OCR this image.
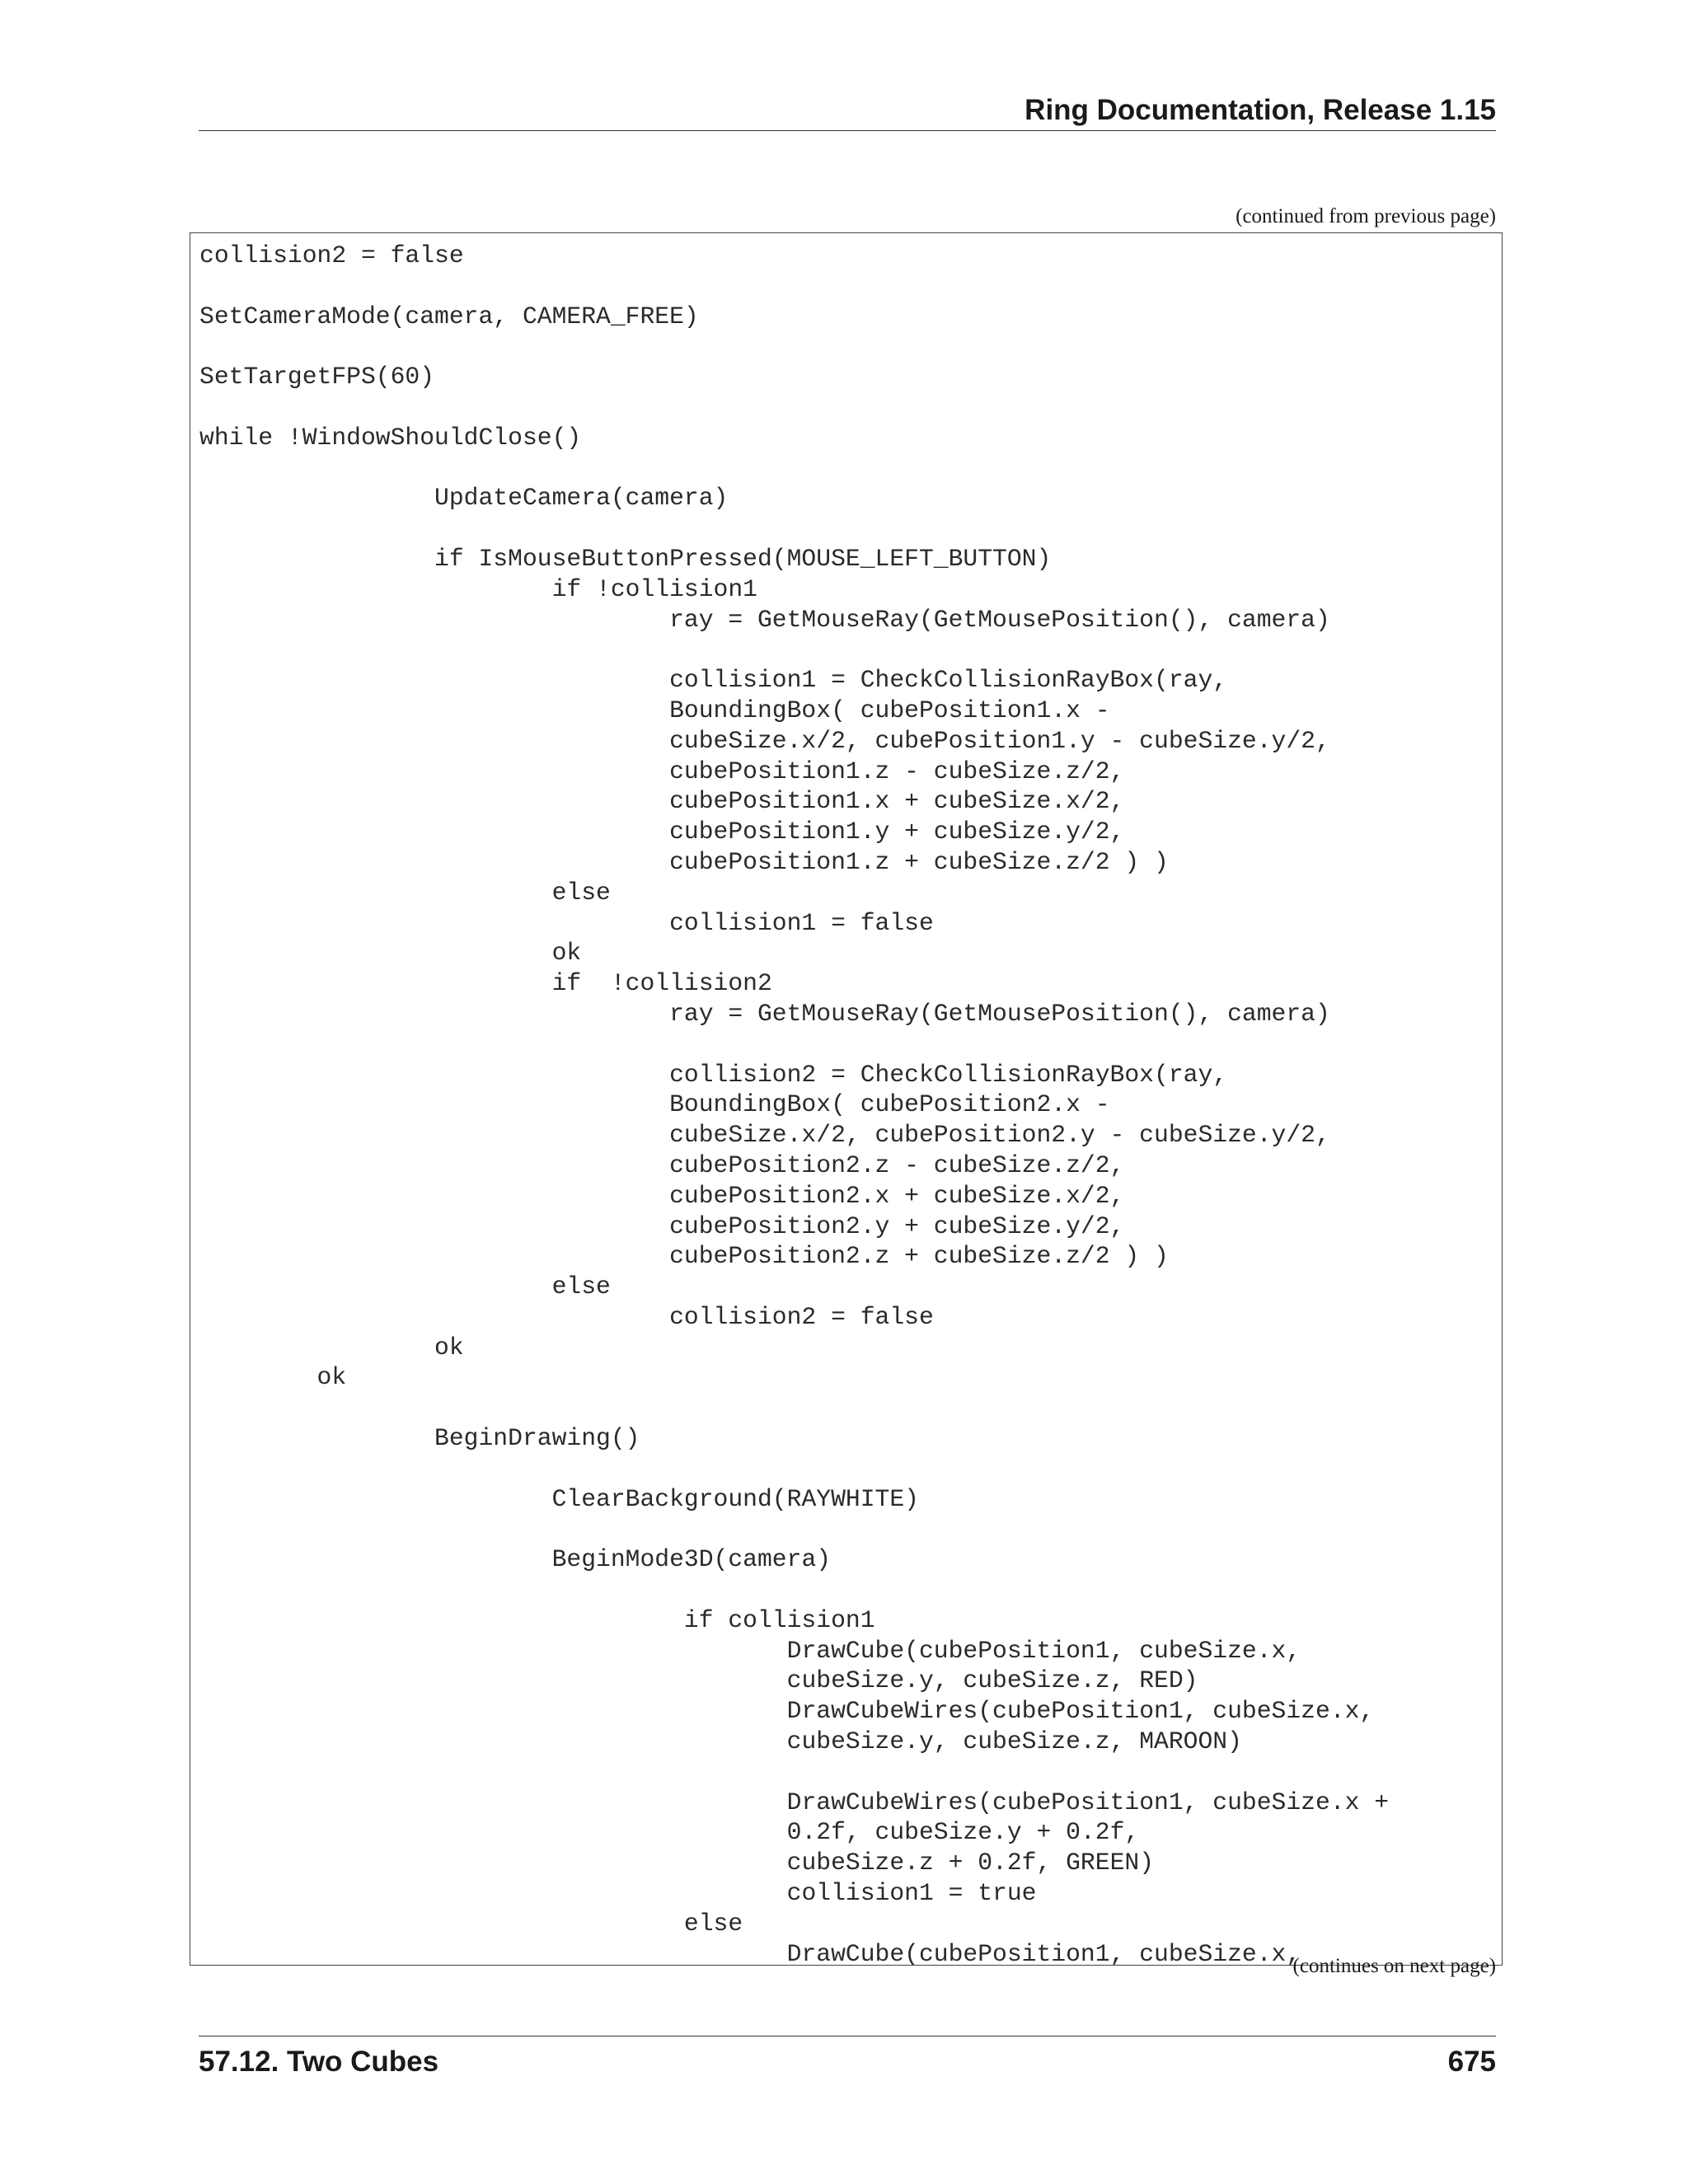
Ring Documentation, Release 1.15
(continued from previous page)
collision2 = false

SetCameraMode(camera, CAMERA_FREE)

SetTargetFPS(60)

while !WindowShouldClose()

		UpdateCamera(camera)

		if IsMouseButtonPressed(MOUSE_LEFT_BUTTON)
			if !collision1
				ray = GetMouseRay(GetMousePosition(), camera)

				collision1 = CheckCollisionRayBox(ray,
				BoundingBox( cubePosition1.x -
				cubeSize.x/2, cubePosition1.y - cubeSize.y/2,
				cubePosition1.z - cubeSize.z/2,
				cubePosition1.x + cubeSize.x/2,
				cubePosition1.y + cubeSize.y/2,
				cubePosition1.z + cubeSize.z/2 ) )
			else
				collision1 = false
			ok
			if  !collision2
				ray = GetMouseRay(GetMousePosition(), camera)

				collision2 = CheckCollisionRayBox(ray,
				BoundingBox( cubePosition2.x -
				cubeSize.x/2, cubePosition2.y - cubeSize.y/2,
				cubePosition2.z - cubeSize.z/2,
				cubePosition2.x + cubeSize.x/2,
				cubePosition2.y + cubeSize.y/2,
				cubePosition2.z + cubeSize.z/2 ) )
			else
				collision2 = false
		ok
	ok

		BeginDrawing()

			ClearBackground(RAYWHITE)

			BeginMode3D(camera)

				if collision1
					DrawCube(cubePosition1, cubeSize.x,
					cubeSize.y, cubeSize.z, RED)
					DrawCubeWires(cubePosition1, cubeSize.x,
					cubeSize.y, cubeSize.z, MAROON)

					DrawCubeWires(cubePosition1, cubeSize.x +
					0.2f, cubeSize.y + 0.2f,
					cubeSize.z + 0.2f, GREEN)
					collision1 = true
				else
					DrawCube(cubePosition1, cubeSize.x,
(continues on next page)
57.12. Two Cubes	675
